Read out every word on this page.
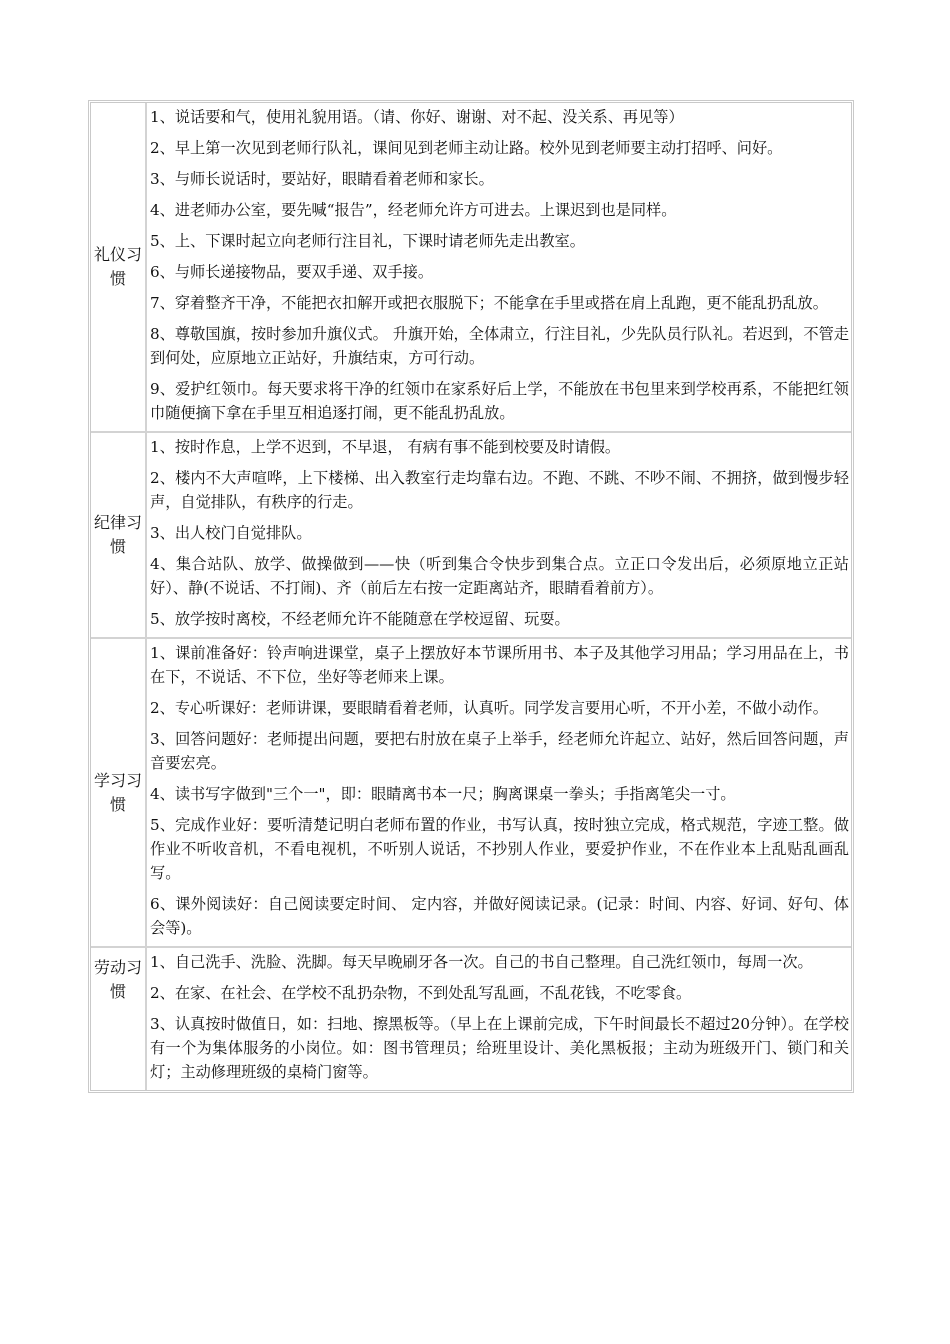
礼仪习惯

1、说话要和气，使用礼貌用语。（请、你好、谢谢、对不起、没关系、再见等）

2、早上第一次见到老师行队礼，课间见到老师主动让路。校外见到老师要主动打招呼、问好。

3、与师长说话时，要站好，眼睛看着老师和家长。

4、进老师办公室，要先喊“报告”，经老师允许方可进去。上课迟到也是同样。

5、上、下课时起立向老师行注目礼，下课时请老师先走出教室。

6、与师长递接物品，要双手递、双手接。

7、穿着整齐干净，不能把衣扣解开或把衣服脱下；不能拿在手里或搭在肩上乱跑，更不能乱扔乱放。

8、尊敬国旗，按时参加升旗仪式。 升旗开始，全体肃立，行注目礼，少先队员行队礼。若迟到，不管走到何处，应原地立正站好，升旗结束，方可行动。

9、爱护红领巾。每天要求将干净的红领巾在家系好后上学，不能放在书包里来到学校再系，不能把红领巾随便摘下拿在手里互相追逐打闹，更不能乱扔乱放。

纪律习惯

1、按时作息，上学不迟到，不早退， 有病有事不能到校要及时请假。

2、楼内不大声喧哗，上下楼梯、出入教室行走均靠右边。不跑、不跳、不吵不闹、不拥挤，做到慢步轻声，自觉排队，有秩序的行走。

3、出人校门自觉排队。

4、集合站队、放学、做操做到——快（听到集合令快步到集合点。立正口令发出后，必须原地立正站好）、静(不说话、不打闹)、齐（前后左右按一定距离站齐，眼睛看着前方）。

5、放学按时离校，不经老师允许不能随意在学校逗留、玩耍。

学习习惯

1、课前准备好：铃声响进课堂，桌子上摆放好本节课所用书、本子及其他学习用品；学习用品在上，书在下，不说话、不下位，坐好等老师来上课。

2、专心听课好：老师讲课，要眼睛看着老师，认真听。同学发言要用心听，不开小差，不做小动作。

3、回答问题好：老师提出问题，要把右肘放在桌子上举手，经老师允许起立、站好，然后回答问题，声音要宏亮。

4、读书写字做到"三个一"，即：眼睛离书本一尺；胸离课桌一拳头；手指离笔尖一寸。

5、完成作业好：要听清楚记明白老师布置的作业，书写认真，按时独立完成，格式规范，字迹工整。做作业不听收音机，不看电视机，不听别人说话，不抄别人作业，要爱护作业，不在作业本上乱贴乱画乱写。

6、课外阅读好：自己阅读要定时间、 定内容，并做好阅读记录。(记录：时间、内容、好词、好句、体会等)。

劳动习惯

1、自己洗手、洗脸、洗脚。每天早晚刷牙各一次。自己的书自己整理。自己洗红领巾，每周一次。

2、在家、在社会、在学校不乱扔杂物，不到处乱写乱画，不乱花钱，不吃零食。

3、认真按时做值日，如：扫地、擦黑板等。（早上在上课前完成，下午时间最长不超过20分钟）。在学校有一个为集体服务的小岗位。如：图书管理员；给班里设计、美化黑板报；主动为班级开门、锁门和关灯；主动修理班级的桌椅门窗等。
